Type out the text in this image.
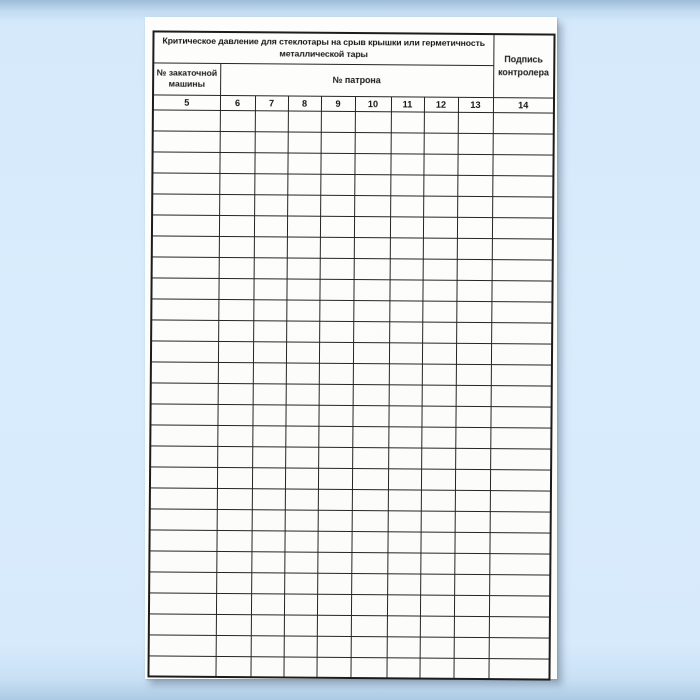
Критическое давление для стеклотары на срыв крышки или герметичность металлической тары									Подпись контролера

№ закаточной машины	№ патрона								
5	6	7	8	9	10	11	12	13	14
